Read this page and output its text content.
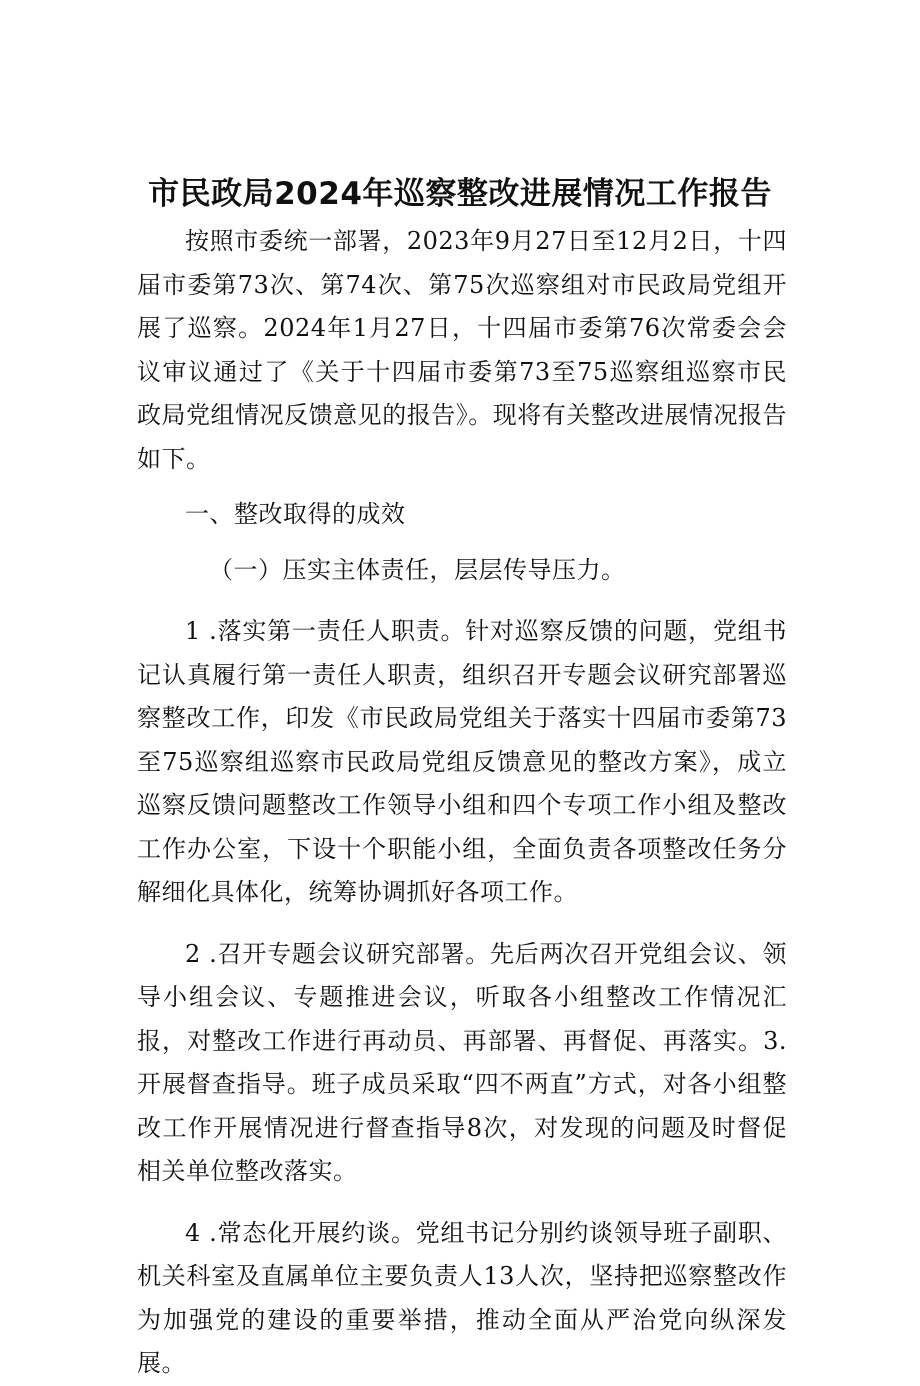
市民政局2024年巡察整改进展情况工作报告

按照市委统一部署，2023年9月27日至12月2日，十四届市委第73次、第74次、第75次巡察组对市民政局党组开展了巡察。2024年1月27日，十四届市委第76次常委会会议审议通过了《关于十四届市委第73至75巡察组巡察市民政局党组情况反馈意见的报告》。现将有关整改进展情况报告如下。

一、整改取得的成效

（一）压实主体责任，层层传导压力。

1 .落实第一责任人职责。针对巡察反馈的问题，党组书记认真履行第一责任人职责，组织召开专题会议研究部署巡察整改工作，印发《市民政局党组关于落实十四届市委第73至75巡察组巡察市民政局党组反馈意见的整改方案》，成立巡察反馈问题整改工作领导小组和四个专项工作小组及整改工作办公室，下设十个职能小组，全面负责各项整改任务分解细化具体化，统筹协调抓好各项工作。

2 .召开专题会议研究部署。先后两次召开党组会议、领导小组会议、专题推进会议，听取各小组整改工作情况汇报，对整改工作进行再动员、再部署、再督促、再落实。3.开展督查指导。班子成员采取“四不两直”方式，对各小组整改工作开展情况进行督查指导8次，对发现的问题及时督促相关单位整改落实。

4 .常态化开展约谈。党组书记分别约谈领导班子副职、机关科室及直属单位主要负责人13人次，坚持把巡察整改作为加强党的建设的重要举措，推动全面从严治党向纵深发展。
